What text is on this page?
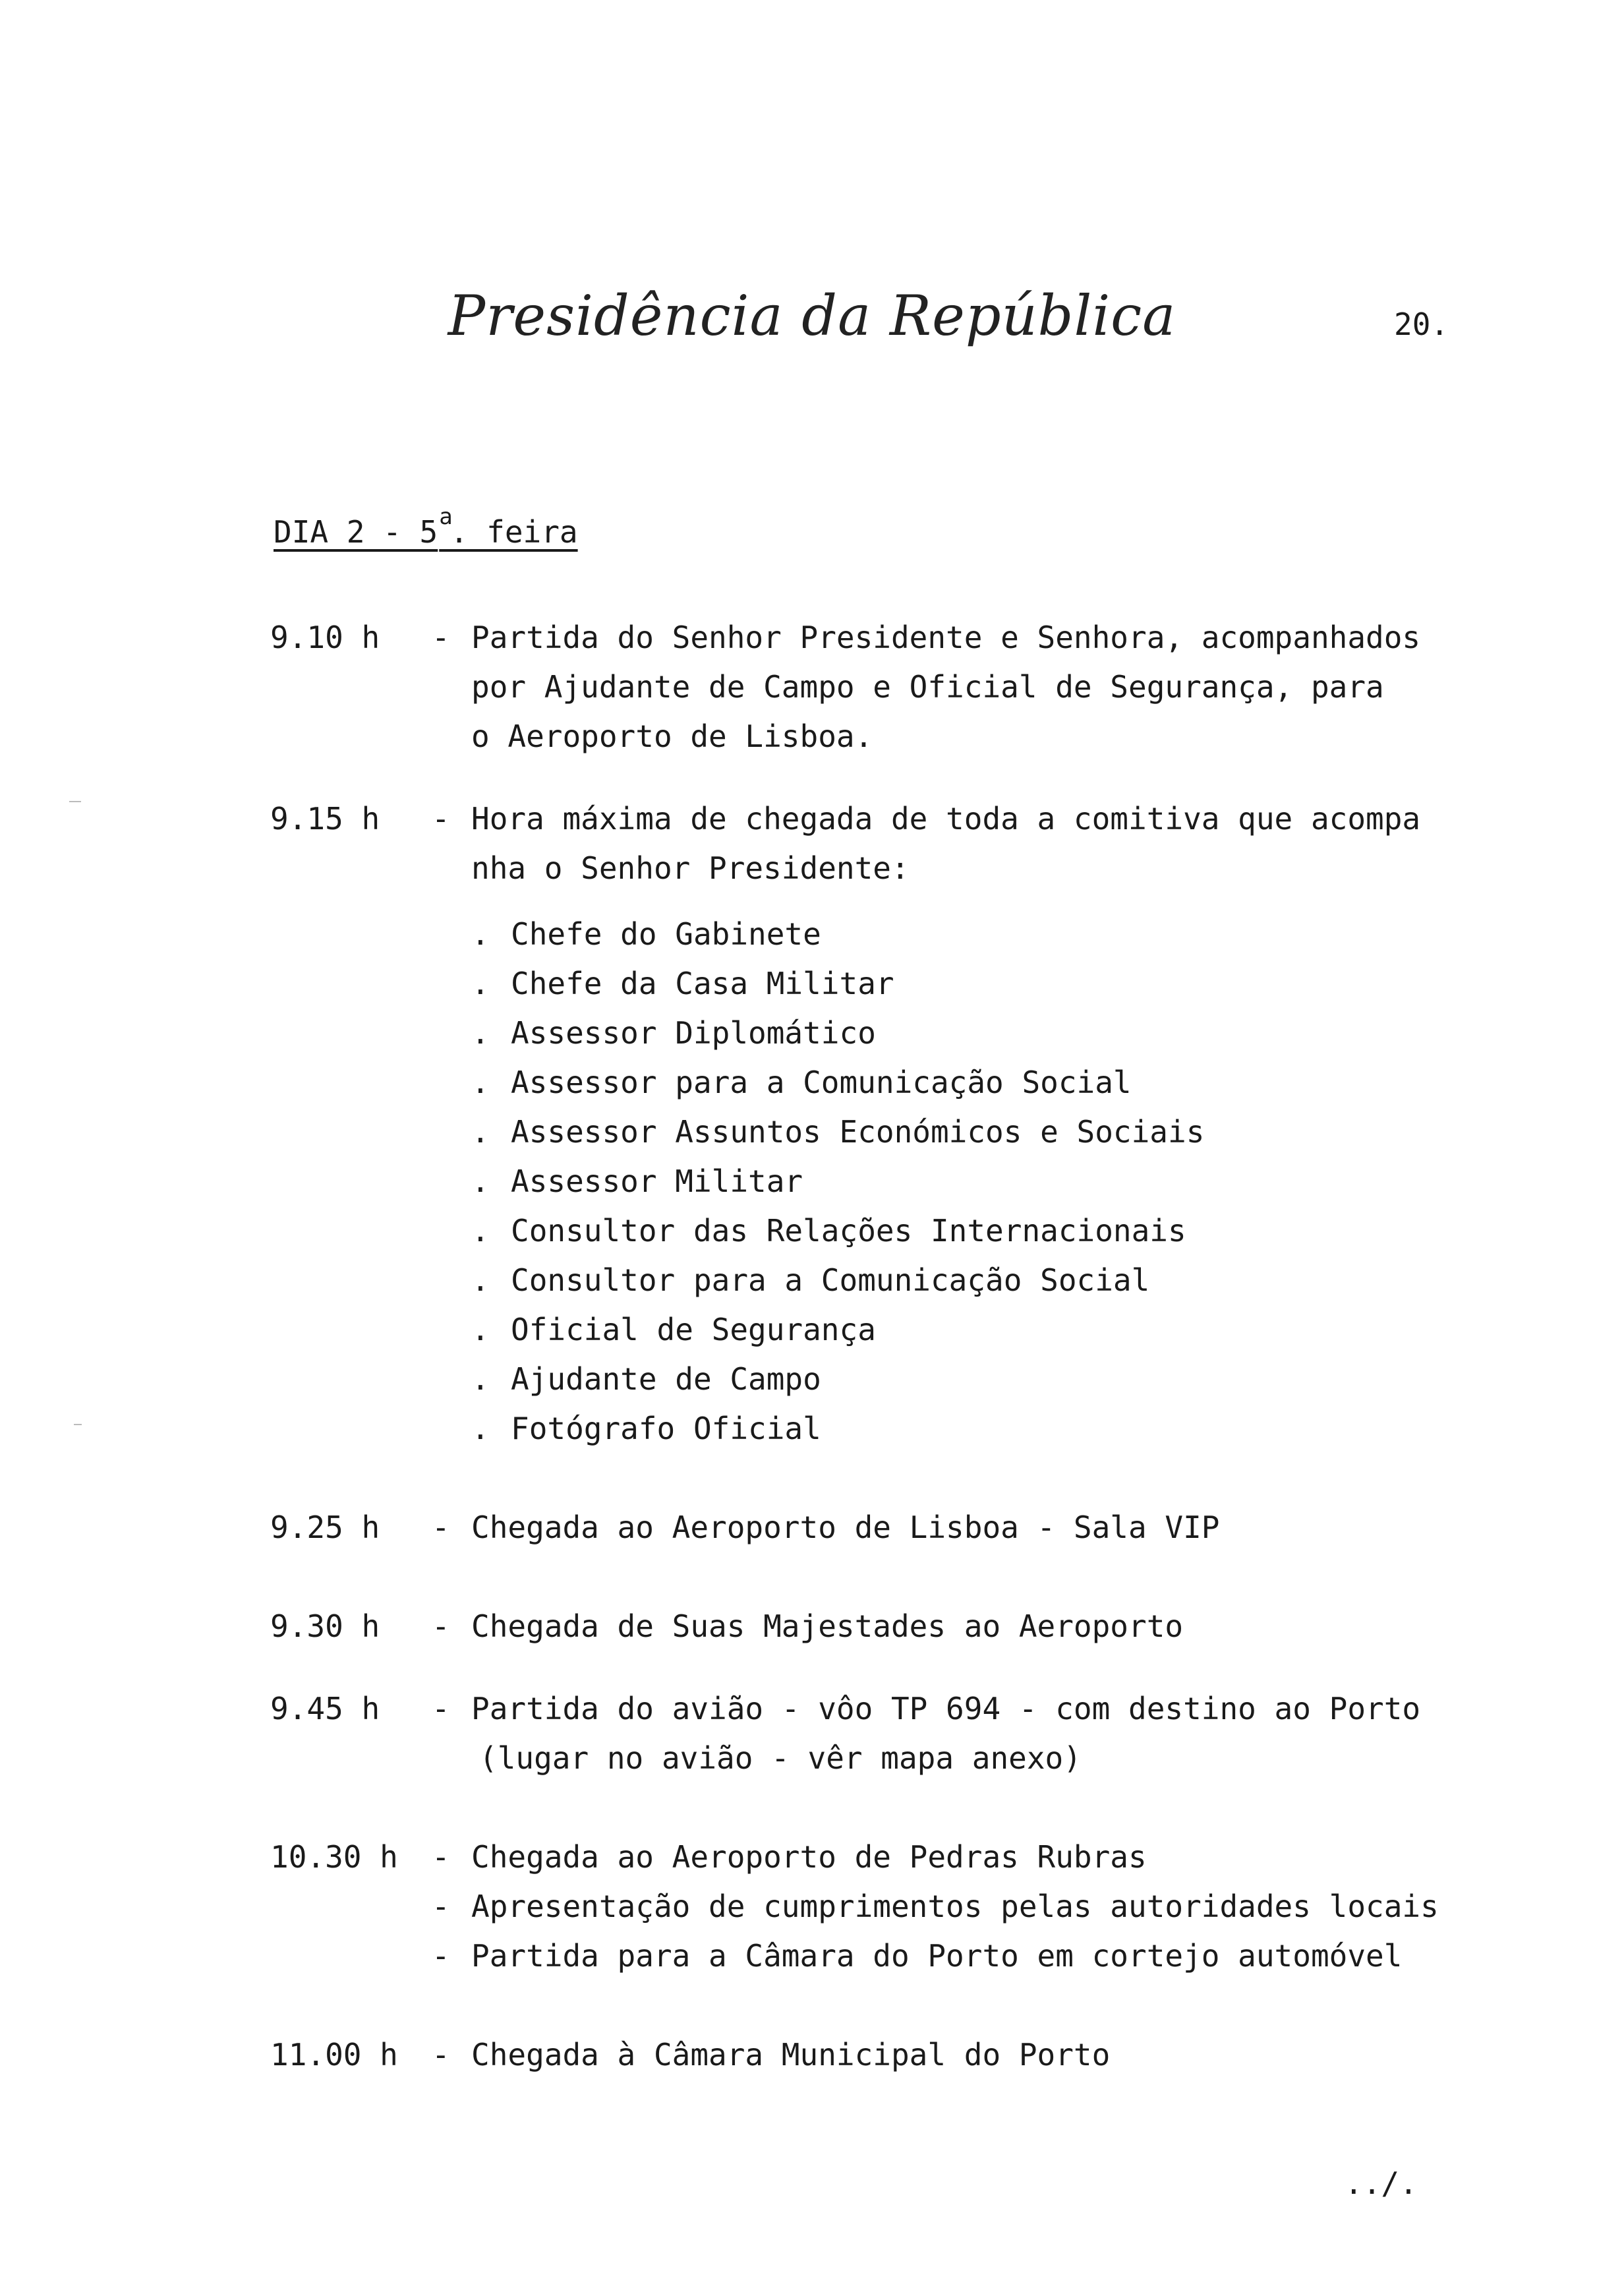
Presidência da República	20.
DIA 2 - 5$^a$. feira
9.10 h - Partida do Senhor Presidente e Senhora, acompanhados
por Ajudante de Campo e Oficial de Segurança, para
o Aeroporto de Lisboa.
9.15 h - Hora máxima de chegada de toda a comitiva que acompa
nha o Senhor Presidente:
. Chefe do Gabinete
. Chefe da Casa Militar
. Assessor Diplomático
. Assessor para a Comunicação Social
. Assessor Assuntos Económicos e Sociais
. Assessor Militar
. Consultor das Relações Internacionais
. Consultor para a Comunicação Social
. Oficial de Segurança
. Ajudante de Campo
. Fotógrafo Oficial
9.25 h - Chegada ao Aeroporto de Lisboa - Sala VIP
9.30 h - Chegada de Suas Majestades ao Aeroporto
9.45 h - Partida do avião - vôo TP 694 - com destino ao Porto
(lugar no avião - vêr mapa anexo)
10.30 h - Chegada ao Aeroporto de Pedras Rubras
- Apresentação de cumprimentos pelas autoridades locais
- Partida para a Câmara do Porto em cortejo automóvel
11.00 h - Chegada à Câmara Municipal do Porto
../.
